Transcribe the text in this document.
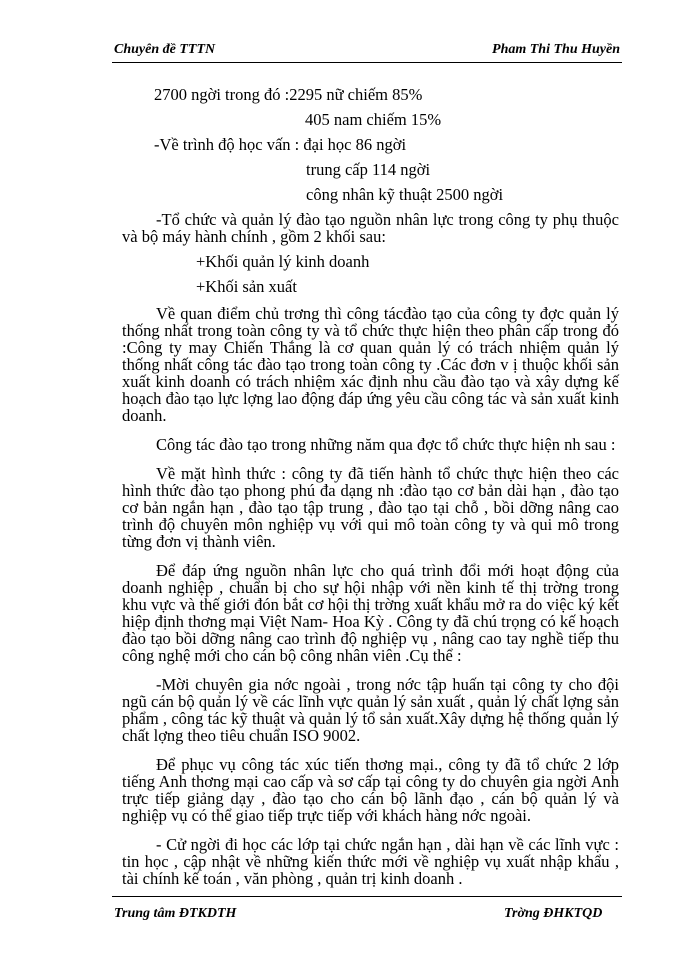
Chuyên đề TTTN	Pham Thi Thu Huyền
2700 ngời trong đó :2295 nữ chiếm 85%
405 nam chiếm 15%
-Về trình độ học vấn : đại học 86 ngời
trung cấp 114 ngời
công nhân kỹ thuật 2500 ngời

-Tổ chức và quản lý đào tạo nguồn nhân lực trong công ty phụ thuộc và bộ máy hành chính , gồm 2 khối sau:

+Khối quản lý kinh doanh
+Khối sản xuất

Về quan điểm chủ trơng thì công tácđào tạo của công ty đợc quản lý thống nhất trong toàn công ty và tổ chức thực hiện theo phân cấp trong đó :Công ty may Chiến Thắng là cơ quan quản lý có trách nhiệm quản lý thống nhất công tác đào tạo trong toàn công ty .Các đơn v ị thuộc khối sản xuất kinh doanh có trách nhiệm xác định nhu cầu đào tạo và xây dựng kế hoạch đào tạo lực lợng lao động đáp ứng yêu cầu công tác và sản xuất kinh doanh.

Công tác đào tạo trong những năm qua đợc tổ chức thực hiện nh sau :

Về mặt hình thức : công ty đã tiến hành tổ chức thực hiện theo các hình thức đào tạo phong phú đa dạng nh :đào tạo cơ bản dài hạn , đào tạo cơ bản ngắn hạn , đào tạo tập trung , đào tạo tại chỗ , bồi dỡng nâng cao trình độ chuyên môn nghiệp vụ với qui mô toàn công ty và qui mô trong từng đơn vị thành viên.

Để đáp ứng nguồn nhân lực cho quá trình đổi mới hoạt động của doanh nghiệp , chuẩn bị cho sự hội nhập với nền kinh tế thị trờng trong khu vực và thế giới đón bắt cơ hội thị trờng xuất khẩu mở ra do việc ký kết hiệp định thơng mại Việt Nam- Hoa Kỳ . Công ty đã chú trọng có kế hoạch đào tạo bồi dỡng nâng cao trình độ nghiệp vụ , nâng cao tay nghề tiếp thu công nghệ mới cho cán bộ công nhân viên .Cụ thể :

-Mời chuyên gia nớc ngoài , trong nớc tập huấn tại công ty cho đội ngũ cán bộ quản lý về các lĩnh vực quản lý sản xuất , quản lý chất lợng sản phẩm , công tác kỹ thuật và quản lý tổ sản xuất.Xây dựng hệ thống quản lý chất lợng theo tiêu chuẩn ISO 9002.

Để phục vụ công tác xúc tiến thơng mại., công ty đã tổ chức 2 lớp tiếng Anh thơng mại cao cấp và sơ cấp tại công ty do chuyên gia ngời Anh trực tiếp giảng dạy , đào tạo cho cán bộ lãnh đạo , cán bộ quản lý và nghiệp vụ có thể giao tiếp trực tiếp với khách hàng nớc ngoài.

- Cử ngời đi học các lớp tại chức ngắn hạn , dài hạn về các lĩnh vực : tin học , cập nhật về những kiến thức mới về nghiệp vụ xuất nhập khẩu , tài chính kế toán , văn phòng , quản trị kinh doanh .

Trung tâm ĐTKDTH	Trờng ĐHKTQD
